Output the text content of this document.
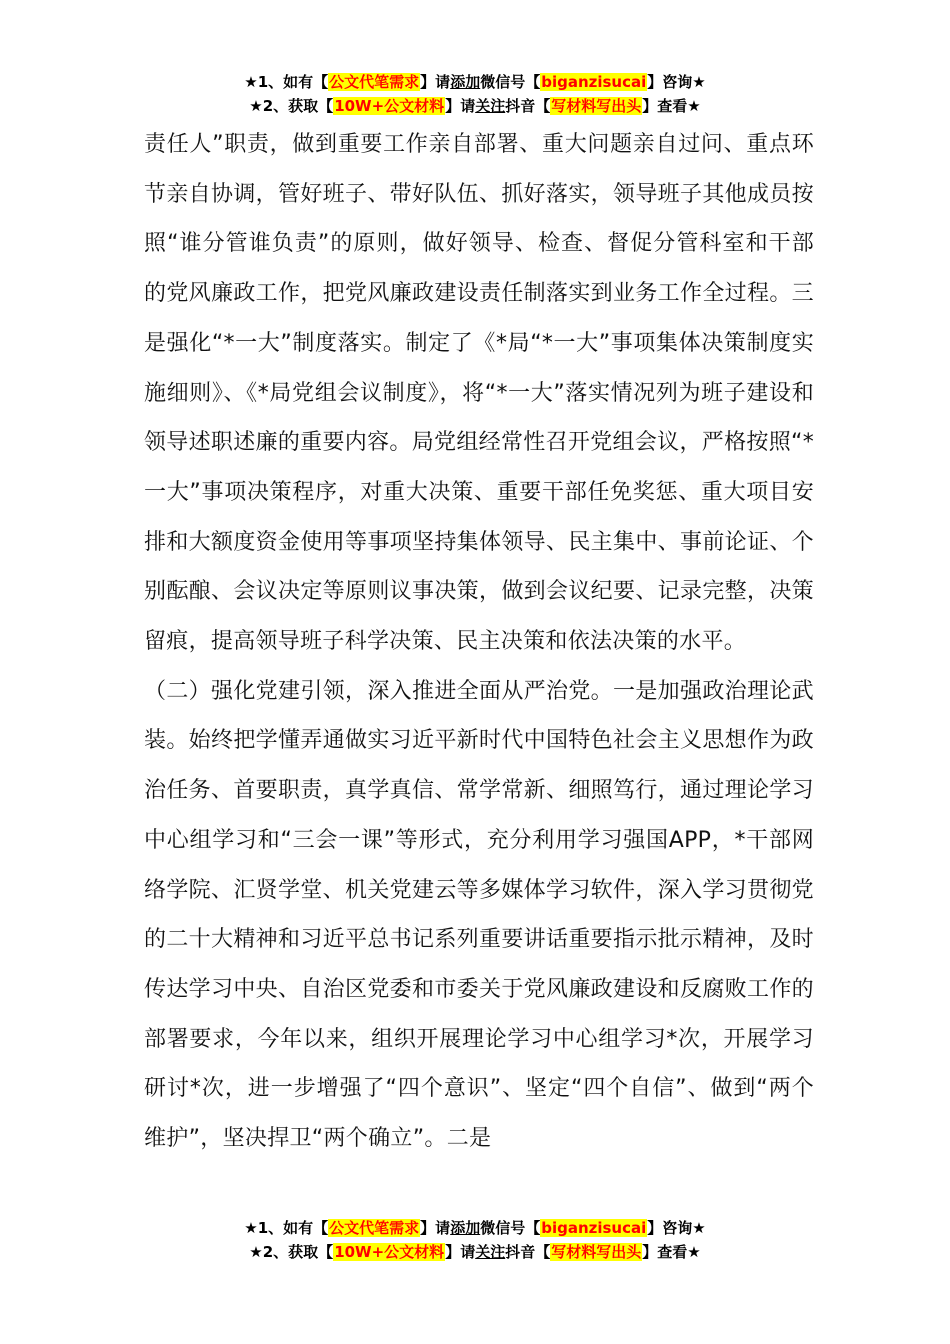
★1、如有【公文代笔需求】请添加微信号【biganzisucai】咨询★
★2、获取【10W+公文材料】请关注抖音【写材料写出头】查看★

责任人”职责，做到重要工作亲自部署、重大问题亲自过问、重点环节亲自协调，管好班子、带好队伍、抓好落实，领导班子其他成员按照“谁分管谁负责”的原则，做好领导、检查、督促分管科室和干部的党风廉政工作，把党风廉政建设责任制落实到业务工作全过程。三是强化“*一大”制度落实。制定了《*局“*一大”事项集体决策制度实施细则》、《*局党组会议制度》，将“*一大”落实情况列为班子建设和领导述职述廉的重要内容。局党组经常性召开党组会议，严格按照“*一大”事项决策程序，对重大决策、重要干部任免奖惩、重大项目安排和大额度资金使用等事项坚持集体领导、民主集中、事前论证、个别酝酿、会议决定等原则议事决策，做到会议纪要、记录完整，决策留痕，提高领导班子科学决策、民主决策和依法决策的水平。

（二）强化党建引领，深入推进全面从严治党。一是加强政治理论武装。始终把学懂弄通做实习近平新时代中国特色社会主义思想作为政治任务、首要职责，真学真信、常学常新、细照笃行，通过理论学习中心组学习和“三会一课”等形式，充分利用学习强国APP，*干部网络学院、汇贤学堂、机关党建云等多媒体学习软件，深入学习贯彻党的二十大精神和习近平总书记系列重要讲话重要指示批示精神，及时传达学习中央、自治区党委和市委关于党风廉政建设和反腐败工作的部署要求，今年以来，组织开展理论学习中心组学习*次，开展学习研讨*次，进一步增强了“四个意识”、坚定“四个自信”、做到“两个维护”，坚决捍卫“两个确立”。二是

★1、如有【公文代笔需求】请添加微信号【biganzisucai】咨询★
★2、获取【10W+公文材料】请关注抖音【写材料写出头】查看★
